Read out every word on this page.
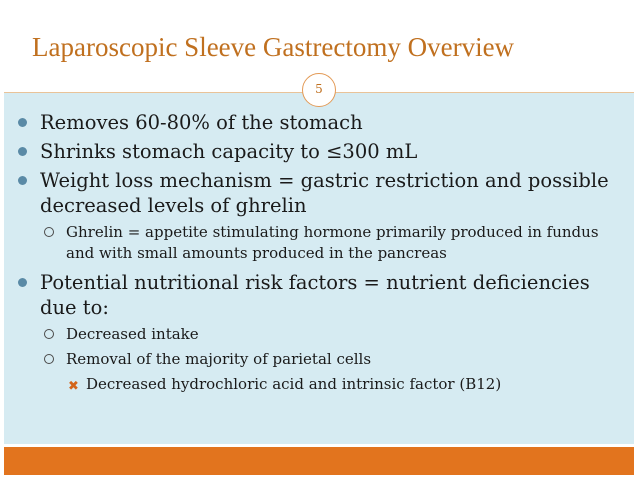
Laparoscopic Sleeve Gastrectomy Overview
5
Removes 60-80% of the stomach
Shrinks stomach capacity to ≤300 mL
Weight loss mechanism = gastric restriction and possible decreased levels of ghrelin
Ghrelin = appetite stimulating hormone primarily produced in fundus and with small amounts produced in the pancreas
Potential nutritional risk factors = nutrient deficiencies due to:
Decreased intake
Removal of the majority of parietal cells
✖ Decreased hydrochloric acid and intrinsic factor (B12)
